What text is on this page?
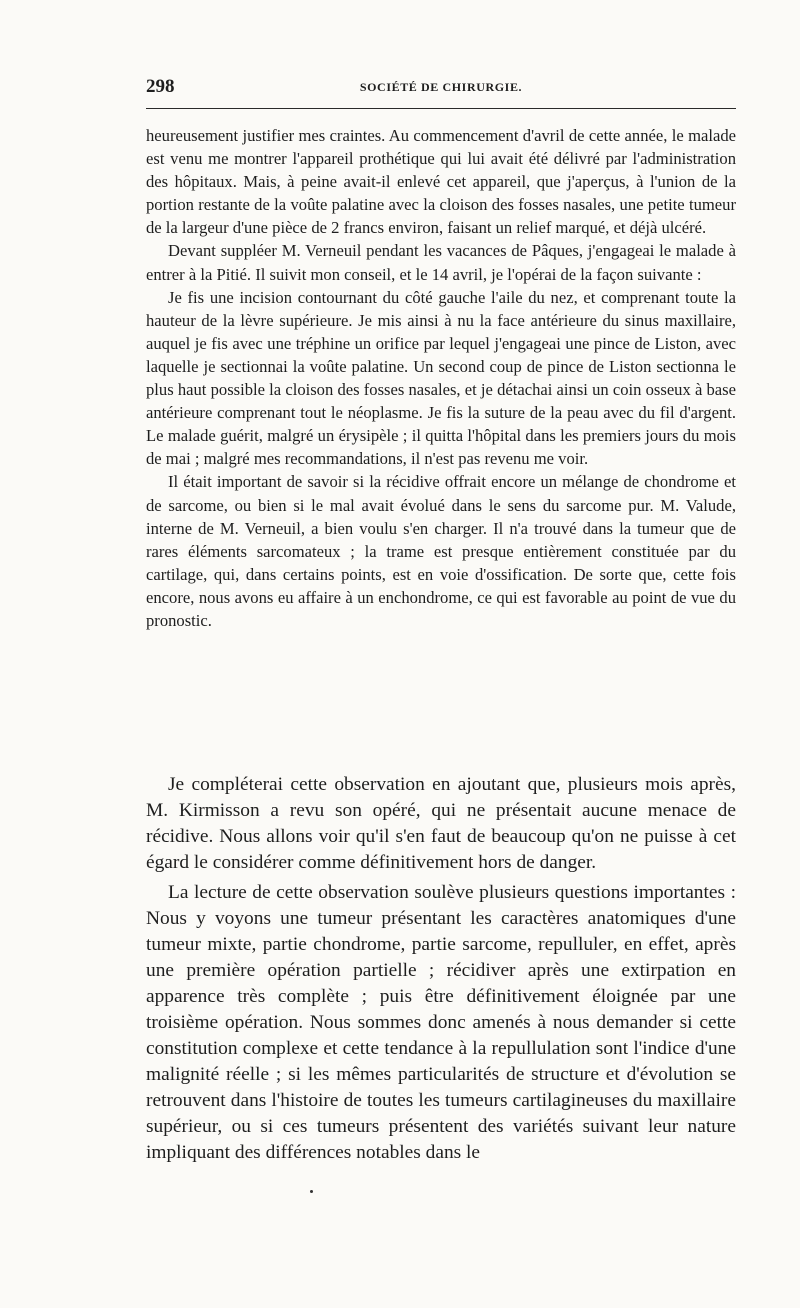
298	SOCIÉTÉ DE CHIRURGIE.

heureusement justifier mes craintes. Au commencement d'avril de cette année, le malade est venu me montrer l'appareil prothétique qui lui avait été délivré par l'administration des hôpitaux. Mais, à peine avait-il enlevé cet appareil, que j'aperçus, à l'union de la portion restante de la voûte palatine avec la cloison des fosses nasales, une petite tumeur de la largeur d'une pièce de 2 francs environ, faisant un relief marqué, et déjà ulcéré.

Devant suppléer M. Verneuil pendant les vacances de Pâques, j'engageai le malade à entrer à la Pitié. Il suivit mon conseil, et le 14 avril, je l'opérai de la façon suivante :

Je fis une incision contournant du côté gauche l'aile du nez, et comprenant toute la hauteur de la lèvre supérieure. Je mis ainsi à nu la face antérieure du sinus maxillaire, auquel je fis avec une tréphine un orifice par lequel j'engageai une pince de Liston, avec laquelle je sectionnai la voûte palatine. Un second coup de pince de Liston sectionna le plus haut possible la cloison des fosses nasales, et je détachai ainsi un coin osseux à base antérieure comprenant tout le néoplasme. Je fis la suture de la peau avec du fil d'argent. Le malade guérit, malgré un érysipèle ; il quitta l'hôpital dans les premiers jours du mois de mai ; malgré mes recommandations, il n'est pas revenu me voir.

Il était important de savoir si la récidive offrait encore un mélange de chondrome et de sarcome, ou bien si le mal avait évolué dans le sens du sarcome pur. M. Valude, interne de M. Verneuil, a bien voulu s'en charger. Il n'a trouvé dans la tumeur que de rares éléments sarcomateux ; la trame est presque entièrement constituée par du cartilage, qui, dans certains points, est en voie d'ossification. De sorte que, cette fois encore, nous avons eu affaire à un enchondrome, ce qui est favorable au point de vue du pronostic.

Je compléterai cette observation en ajoutant que, plusieurs mois après, M. Kirmisson a revu son opéré, qui ne présentait aucune menace de récidive. Nous allons voir qu'il s'en faut de beaucoup qu'on ne puisse à cet égard le considérer comme définitivement hors de danger.

La lecture de cette observation soulève plusieurs questions importantes : Nous y voyons une tumeur présentant les caractères anatomiques d'une tumeur mixte, partie chondrome, partie sarcome, repulluler, en effet, après une première opération partielle ; récidiver après une extirpation en apparence très complète ; puis être définitivement éloignée par une troisième opération. Nous sommes donc amenés à nous demander si cette constitution complexe et cette tendance à la repullulation sont l'indice d'une malignité réelle ; si les mêmes particularités de structure et d'évolution se retrouvent dans l'histoire de toutes les tumeurs cartilagineuses du maxillaire supérieur, ou si ces tumeurs présentent des variétés suivant leur nature impliquant des différences notables dans le
